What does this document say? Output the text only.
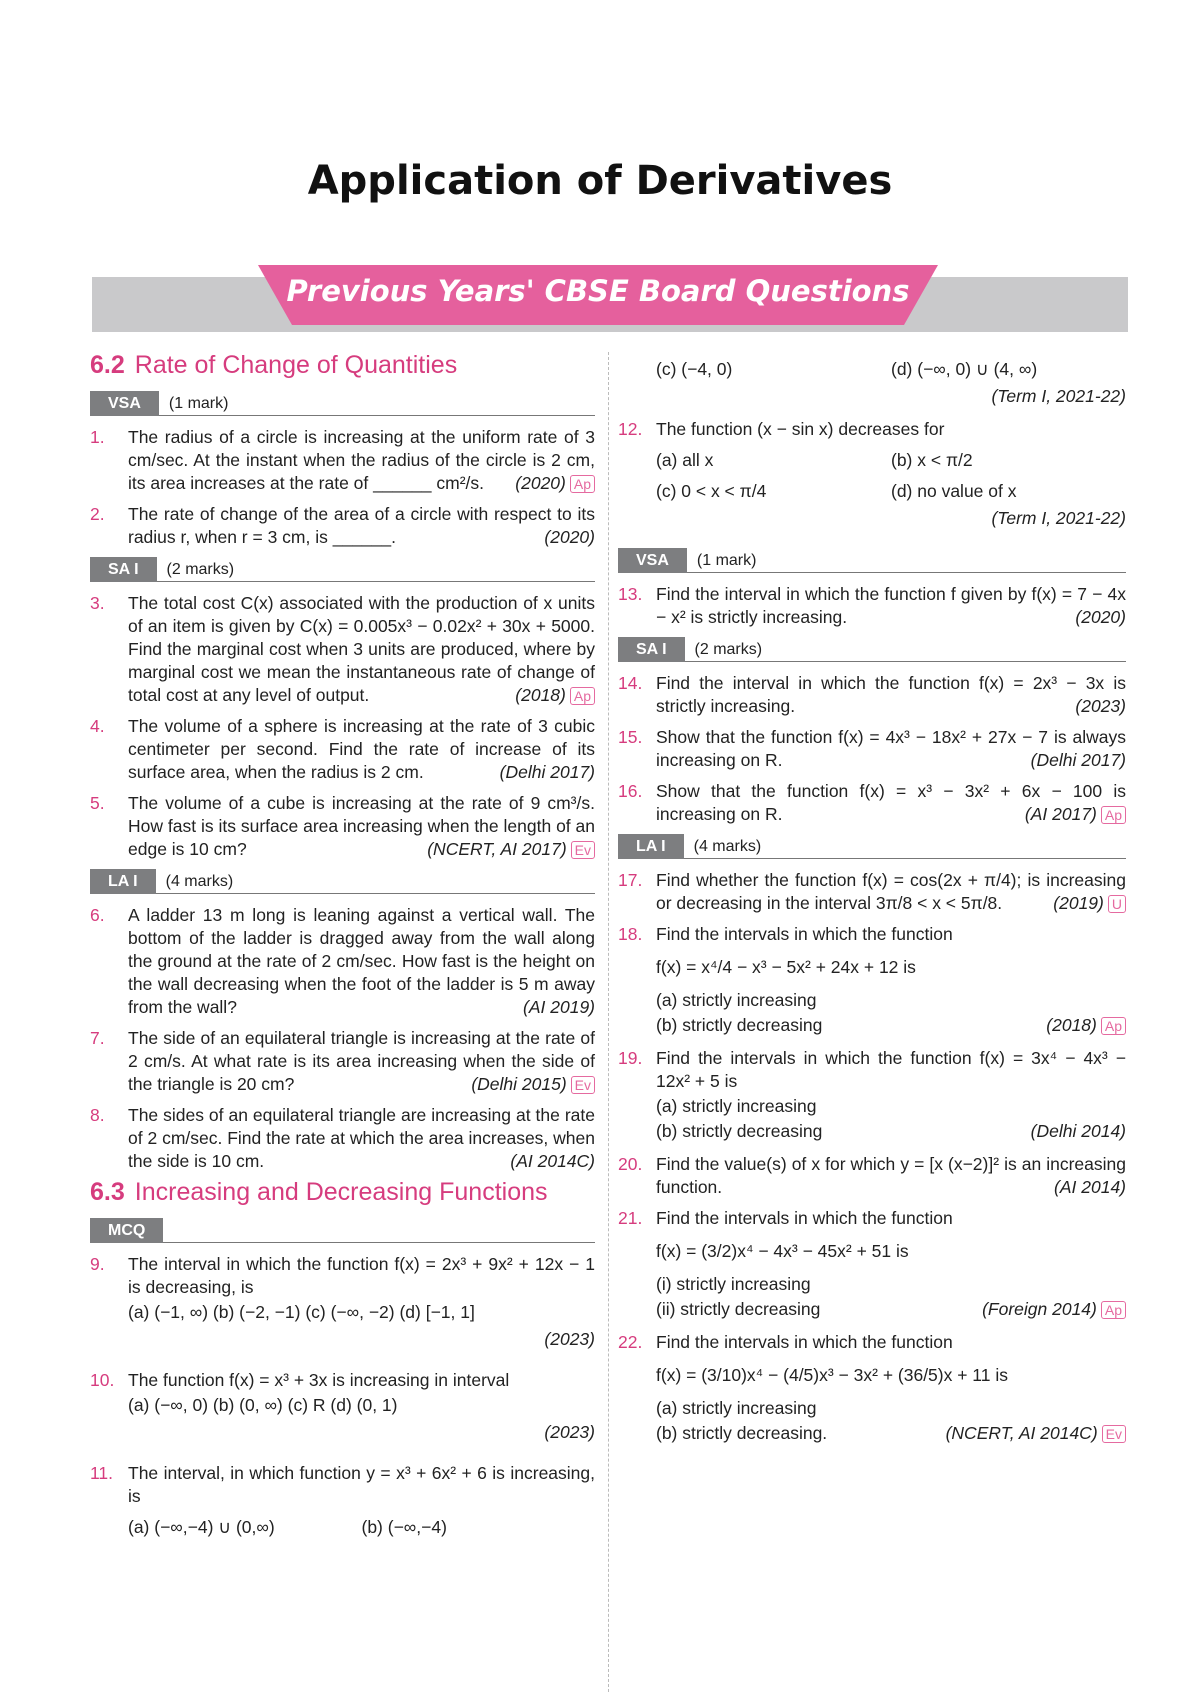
Application of Derivatives
Previous Years' CBSE Board Questions
6.2 Rate of Change of Quantities
VSA	(1 mark)
1.	The radius of a circle is increasing at the uniform rate of 3 cm/sec. At the instant when the radius of the circle is 2 cm, its area increases at the rate of ______ cm²/s. (2020) Ap
2.	The rate of change of the area of a circle with respect to its radius r, when r = 3 cm, is ______.	(2020)
SA I	(2 marks)
3.	The total cost C(x) associated with the production of x units of an item is given by C(x) = 0.005x³ − 0.02x² + 30x + 5000. Find the marginal cost when 3 units are produced, where by marginal cost we mean the instantaneous rate of change of total cost at any level of output.	(2018) Ap
4.	The volume of a sphere is increasing at the rate of 3 cubic centimeter per second. Find the rate of increase of its surface area, when the radius is 2 cm.	(Delhi 2017)
5.	The volume of a cube is increasing at the rate of 9 cm³/s. How fast is its surface area increasing when the length of an edge is 10 cm?	(NCERT, AI 2017) Ev
LA I	(4 marks)
6.	A ladder 13 m long is leaning against a vertical wall. The bottom of the ladder is dragged away from the wall along the ground at the rate of 2 cm/sec. How fast is the height on the wall decreasing when the foot of the ladder is 5 m away from the wall?	(AI 2019)
7.	The side of an equilateral triangle is increasing at the rate of 2 cm/s. At what rate is its area increasing when the side of the triangle is 20 cm?	(Delhi 2015) Ev
8.	The sides of an equilateral triangle are increasing at the rate of 2 cm/sec. Find the rate at which the area increases, when the side is 10 cm.	(AI 2014C)
6.3 Increasing and Decreasing Functions
MCQ
9.	The interval in which the function f(x) = 2x³ + 9x² + 12x − 1 is decreasing, is
(a) (−1, ∞) (b) (−2, −1) (c) (−∞, −2) (d) [−1, 1]
(2023)
10. The function f(x) = x³ + 3x is increasing in interval
(a) (−∞, 0) (b) (0, ∞) (c) R (d) (0, 1)
(2023)
11. The interval, in which function y = x³ + 6x² + 6 is increasing, is
(a) (−∞,−4) ∪ (0,∞)	(b) (−∞,−4)
(c) (−4, 0)	(d) (−∞, 0) ∪ (4, ∞)
(Term I, 2021-22)
12. The function (x − sin x) decreases for
(a) all x	(b) x < π/2
(c) 0 < x < π/4	(d) no value of x
(Term I, 2021-22)
VSA	(1 mark)
13. Find the interval in which the function f given by f(x) = 7 − 4x − x² is strictly increasing.	(2020)
SA I	(2 marks)
14. Find the interval in which the function f(x) = 2x³ − 3x is strictly increasing.	(2023)
15. Show that the function f(x) = 4x³ − 18x² + 27x − 7 is always increasing on R.	(Delhi 2017)
16. Show that the function f(x) = x³ − 3x² + 6x − 100 is increasing on R.	(AI 2017) Ap
LA I	(4 marks)
17. Find whether the function f(x) = cos(2x + π/4); is increasing or decreasing in the interval 3π/8 < x < 5π/8.	(2019) U
18. Find the intervals in which the function
f(x) = x⁴/4 − x³ − 5x² + 24x + 12 is
(a) strictly increasing
(b) strictly decreasing	(2018) Ap
19. Find the intervals in which the function f(x) = 3x⁴ − 4x³ − 12x² + 5 is
(a) strictly increasing
(b) strictly decreasing	(Delhi 2014)
20. Find the value(s) of x for which y = [x (x−2)]² is an increasing function.	(AI 2014)
21. Find the intervals in which the function
f(x) = (3/2)x⁴ − 4x³ − 45x² + 51 is
(i) strictly increasing
(ii) strictly decreasing	(Foreign 2014) Ap
22. Find the intervals in which the function
f(x) = (3/10)x⁴ − (4/5)x³ − 3x² + (36/5)x + 11 is
(a) strictly increasing
(b) strictly decreasing.	(NCERT, AI 2014C) Ev
